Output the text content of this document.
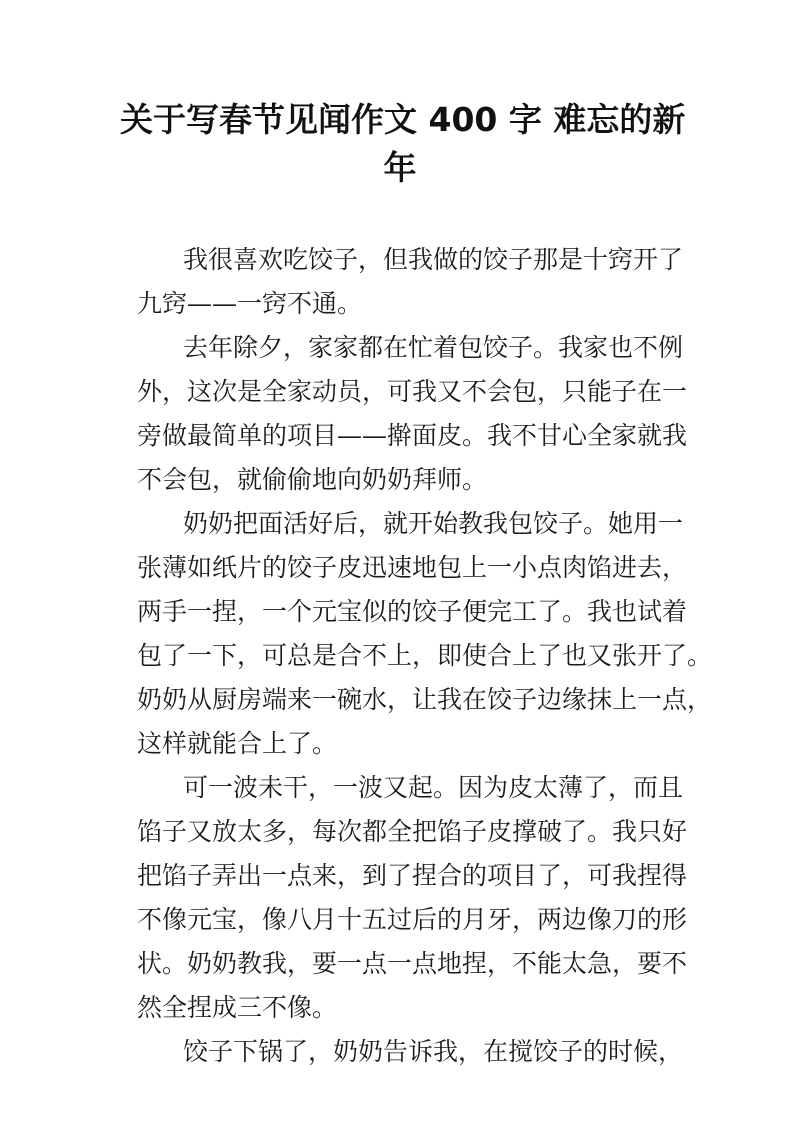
关于写春节见闻作文 400 字 难忘的新
年

我很喜欢吃饺子，但我做的饺子那是十窍开了
九窍——一窍不通。

去年除夕，家家都在忙着包饺子。我家也不例
外，这次是全家动员，可我又不会包，只能子在一
旁做最简单的项目——擀面皮。我不甘心全家就我
不会包，就偷偷地向奶奶拜师。

奶奶把面活好后，就开始教我包饺子。她用一
张薄如纸片的饺子皮迅速地包上一小点肉馅进去，
两手一捏，一个元宝似的饺子便完工了。我也试着
包了一下，可总是合不上，即使合上了也又张开了。
奶奶从厨房端来一碗水，让我在饺子边缘抹上一点，
这样就能合上了。

可一波未干，一波又起。因为皮太薄了，而且
馅子又放太多，每次都全把馅子皮撑破了。我只好
把馅子弄出一点来，到了捏合的项目了，可我捏得
不像元宝，像八月十五过后的月牙，两边像刀的形
状。奶奶教我，要一点一点地捏，不能太急，要不
然全捏成三不像。

饺子下锅了，奶奶告诉我，在搅饺子的时候，
